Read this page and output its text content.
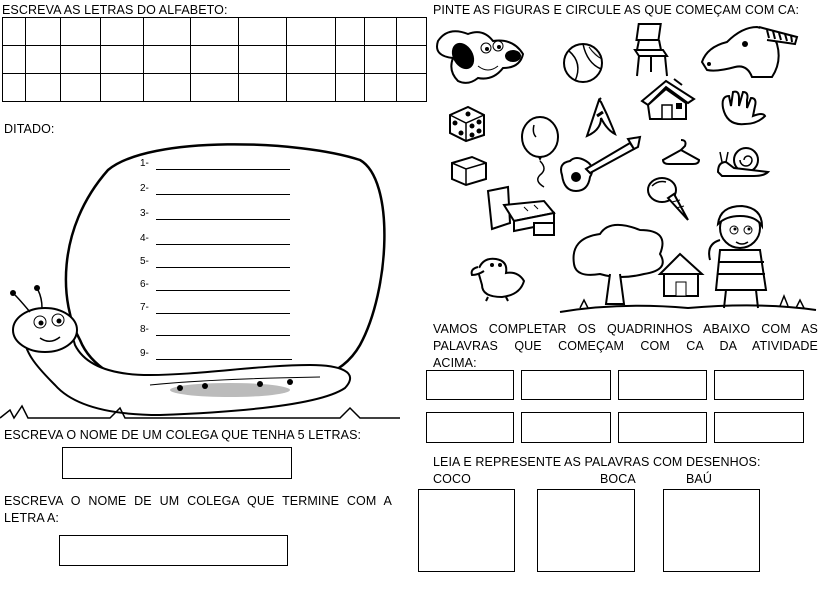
ESCREVA AS LETRAS DO ALFABETO:

DITADO:
1-
2-
3-
4-
5-
6-
7-
8-
9-
ESCREVA O NOME DE UM COLEGA QUE TENHA 5 LETRAS:
ESCREVA O NOME DE UM COLEGA QUE TERMINE COM A
LETRA A:
PINTE AS FIGURAS E CIRCULE AS QUE COMEÇAM COM CA:
VAMOS COMPLETAR OS QUADRINHOS ABAIXO COM AS
PALAVRAS QUE COMEÇAM COM CA DA ATIVIDADE
ACIMA:
LEIA E REPRESENTE AS PALAVRAS COM DESENHOS:
COCO	BOCA	BAÚ
